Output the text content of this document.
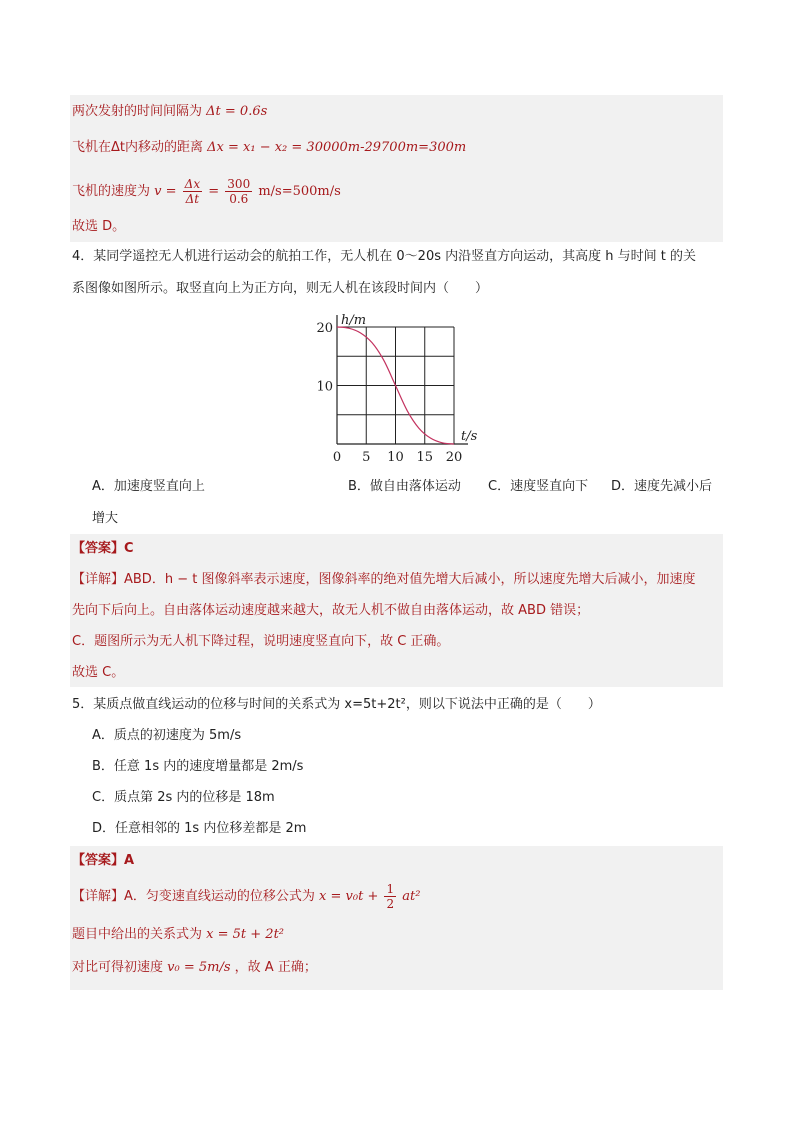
两次发射的时间间隔为 Δt = 0.6s
飞机在Δt内移动的距离 Δx = x₁ − x₂ = 30000m-29700m=300m
飞机的速度为 $v = \frac{\Delta x}{\Delta t} = \frac{300}{0.6} m/s=500m/s$
故选 D。
4．某同学遥控无人机进行运动会的航拍工作，无人机在 0～20s 内沿竖直方向运动，其高度 h 与时间 t 的关
系图像如图所示。取竖直向上为正方向，则无人机在该段时间内（　　）
0 5 10 15 20
10
20
h/m
t/s
A．加速度竖直向上	B．做自由落体运动 C．速度竖直向下 D．速度先减小后
增大
【答案】C
【详解】ABD．h − t 图像斜率表示速度，图像斜率的绝对值先增大后减小，所以速度先增大后减小，加速度
先向下后向上。自由落体运动速度越来越大，故无人机不做自由落体运动，故 ABD 错误；
C．题图所示为无人机下降过程，说明速度竖直向下，故 C 正确。
故选 C。
5．某质点做直线运动的位移与时间的关系式为 x=5t+2t²，则以下说法中正确的是（　　）
A．质点的初速度为 5m/s
B．任意 1s 内的速度增量都是 2m/s
C．质点第 2s 内的位移是 18m
D．任意相邻的 1s 内位移差都是 2m
【答案】A
【详解】A．匀变速直线运动的位移公式为 $x = v_0t + \frac{1}{2} at^2$
题目中给出的关系式为 x = 5t + 2t²
对比可得初速度 v₀ = 5m/s ，故 A 正确；
